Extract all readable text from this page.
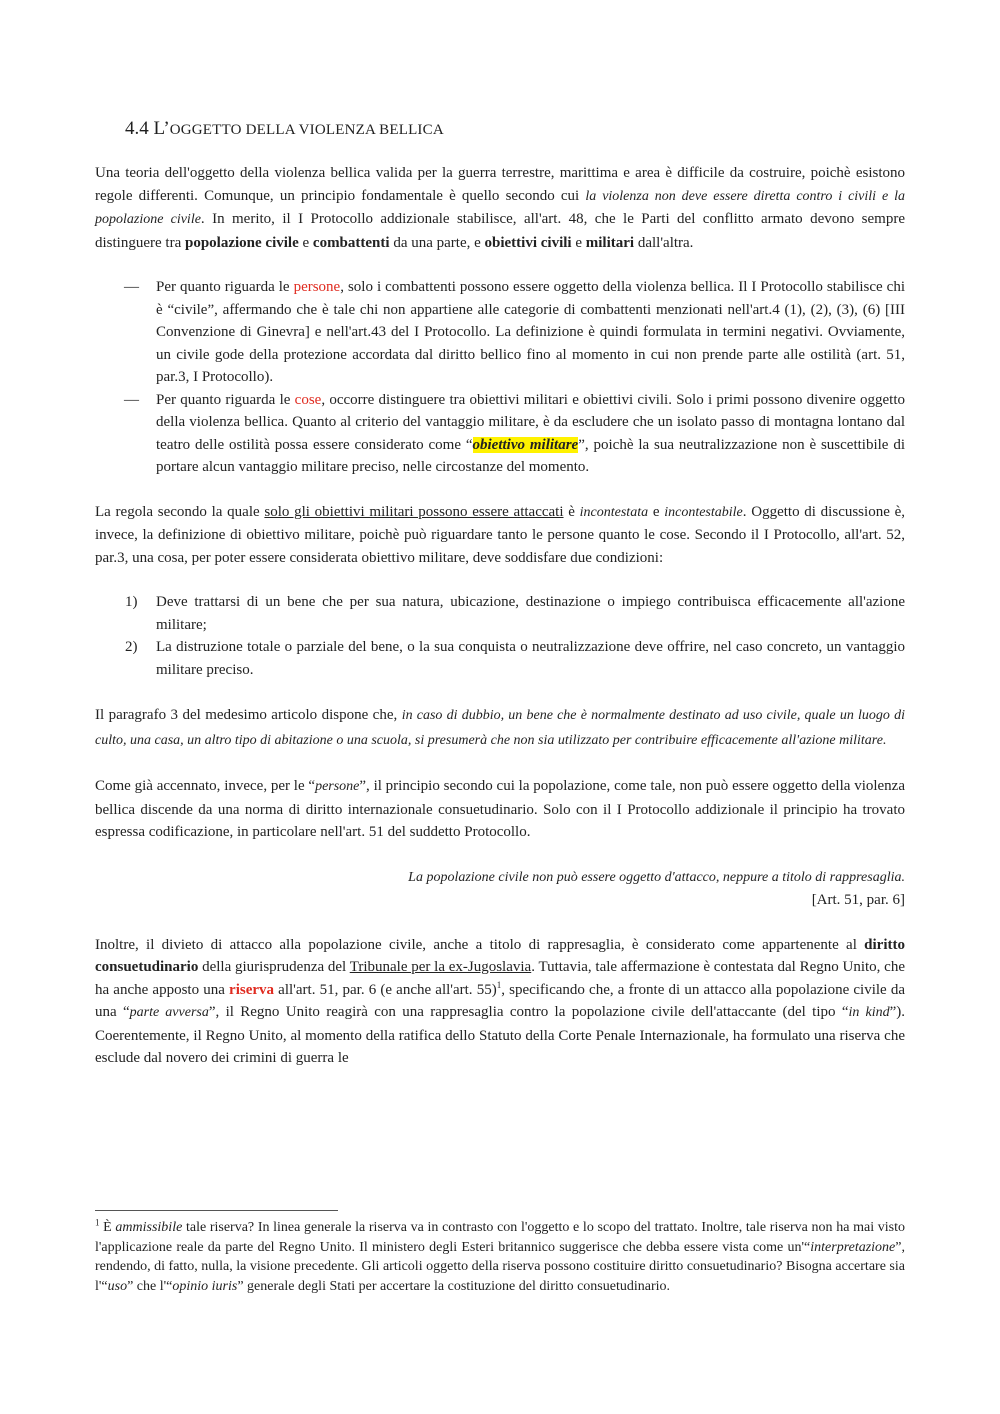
4.4 L’OGGETTO DELLA VIOLENZA BELLICA

Una teoria dell'oggetto della violenza bellica valida per la guerra terrestre, marittima e area è difficile da costruire, poichè esistono regole differenti. Comunque, un principio fondamentale è quello secondo cui la violenza non deve essere diretta contro i civili e la popolazione civile. In merito, il I Protocollo addizionale stabilisce, all'art. 48, che le Parti del conflitto armato devono sempre distinguere tra popolazione civile e combattenti da una parte, e obiettivi civili e militari dall'altra.

— Per quanto riguarda le persone, solo i combattenti possono essere oggetto della violenza bellica. Il I Protocollo stabilisce chi è “civile”, affermando che è tale chi non appartiene alle categorie di combattenti menzionati nell'art.4 (1), (2), (3), (6) [III Convenzione di Ginevra] e nell'art.43 del I Protocollo. La definizione è quindi formulata in termini negativi. Ovviamente, un civile gode della protezione accordata dal diritto bellico fino al momento in cui non prende parte alle ostilità (art. 51, par.3, I Protocollo).
— Per quanto riguarda le cose, occorre distinguere tra obiettivi militari e obiettivi civili. Solo i primi possono divenire oggetto della violenza bellica. Quanto al criterio del vantaggio militare, è da escludere che un isolato passo di montagna lontano dal teatro delle ostilità possa essere considerato come “obiettivo militare”, poichè la sua neutralizzazione non è suscettibile di portare alcun vantaggio militare preciso, nelle circostanze del momento.

La regola secondo la quale solo gli obiettivi militari possono essere attaccati è incontestata e incontestabile. Oggetto di discussione è, invece, la definizione di obiettivo militare, poichè può riguardare tanto le persone quanto le cose. Secondo il I Protocollo, all'art. 52, par.3, una cosa, per poter essere considerata obiettivo militare, deve soddisfare due condizioni:

1) Deve trattarsi di un bene che per sua natura, ubicazione, destinazione o impiego contribuisca efficacemente all'azione militare;
2) La distruzione totale o parziale del bene, o la sua conquista o neutralizzazione deve offrire, nel caso concreto, un vantaggio militare preciso.

Il paragrafo 3 del medesimo articolo dispone che, in caso di dubbio, un bene che è normalmente destinato ad uso civile, quale un luogo di culto, una casa, un altro tipo di abitazione o una scuola, si presumerà che non sia utilizzato per contribuire efficacemente all'azione militare.

Come già accennato, invece, per le “persone”, il principio secondo cui la popolazione, come tale, non può essere oggetto della violenza bellica discende da una norma di diritto internazionale consuetudinario. Solo con il I Protocollo addizionale il principio ha trovato espressa codificazione, in particolare nell'art. 51 del suddetto Protocollo.

La popolazione civile non può essere oggetto d'attacco, neppure a titolo di rappresaglia.
[Art. 51, par. 6]

Inoltre, il divieto di attacco alla popolazione civile, anche a titolo di rappresaglia, è considerato come appartenente al diritto consuetudinario della giurisprudenza del Tribunale per la ex-Jugoslavia. Tuttavia, tale affermazione è contestata dal Regno Unito, che ha anche apposto una riserva all'art. 51, par. 6 (e anche all'art. 55)$^1$, specificando che, a fronte di un attacco alla popolazione civile da una “parte avversa”, il Regno Unito reagirà con una rappresaglia contro la popolazione civile dell'attaccante (del tipo “in kind”). Coerentemente, il Regno Unito, al momento della ratifica dello Statuto della Corte Penale Internazionale, ha formulato una riserva che esclude dal novero dei crimini di guerra le

$^1$ È ammissibile tale riserva? In linea generale la riserva va in contrasto con l'oggetto e lo scopo del trattato. Inoltre, tale riserva non ha mai visto l'applicazione reale da parte del Regno Unito. Il ministero degli Esteri britannico suggerisce che debba essere vista come un'“interpretazione”, rendendo, di fatto, nulla, la visione precedente. Gli articoli oggetto della riserva possono costituire diritto consuetudinario? Bisogna accertare sia l'“uso” che l'“opinio iuris” generale degli Stati per accertare la costituzione del diritto consuetudinario.
